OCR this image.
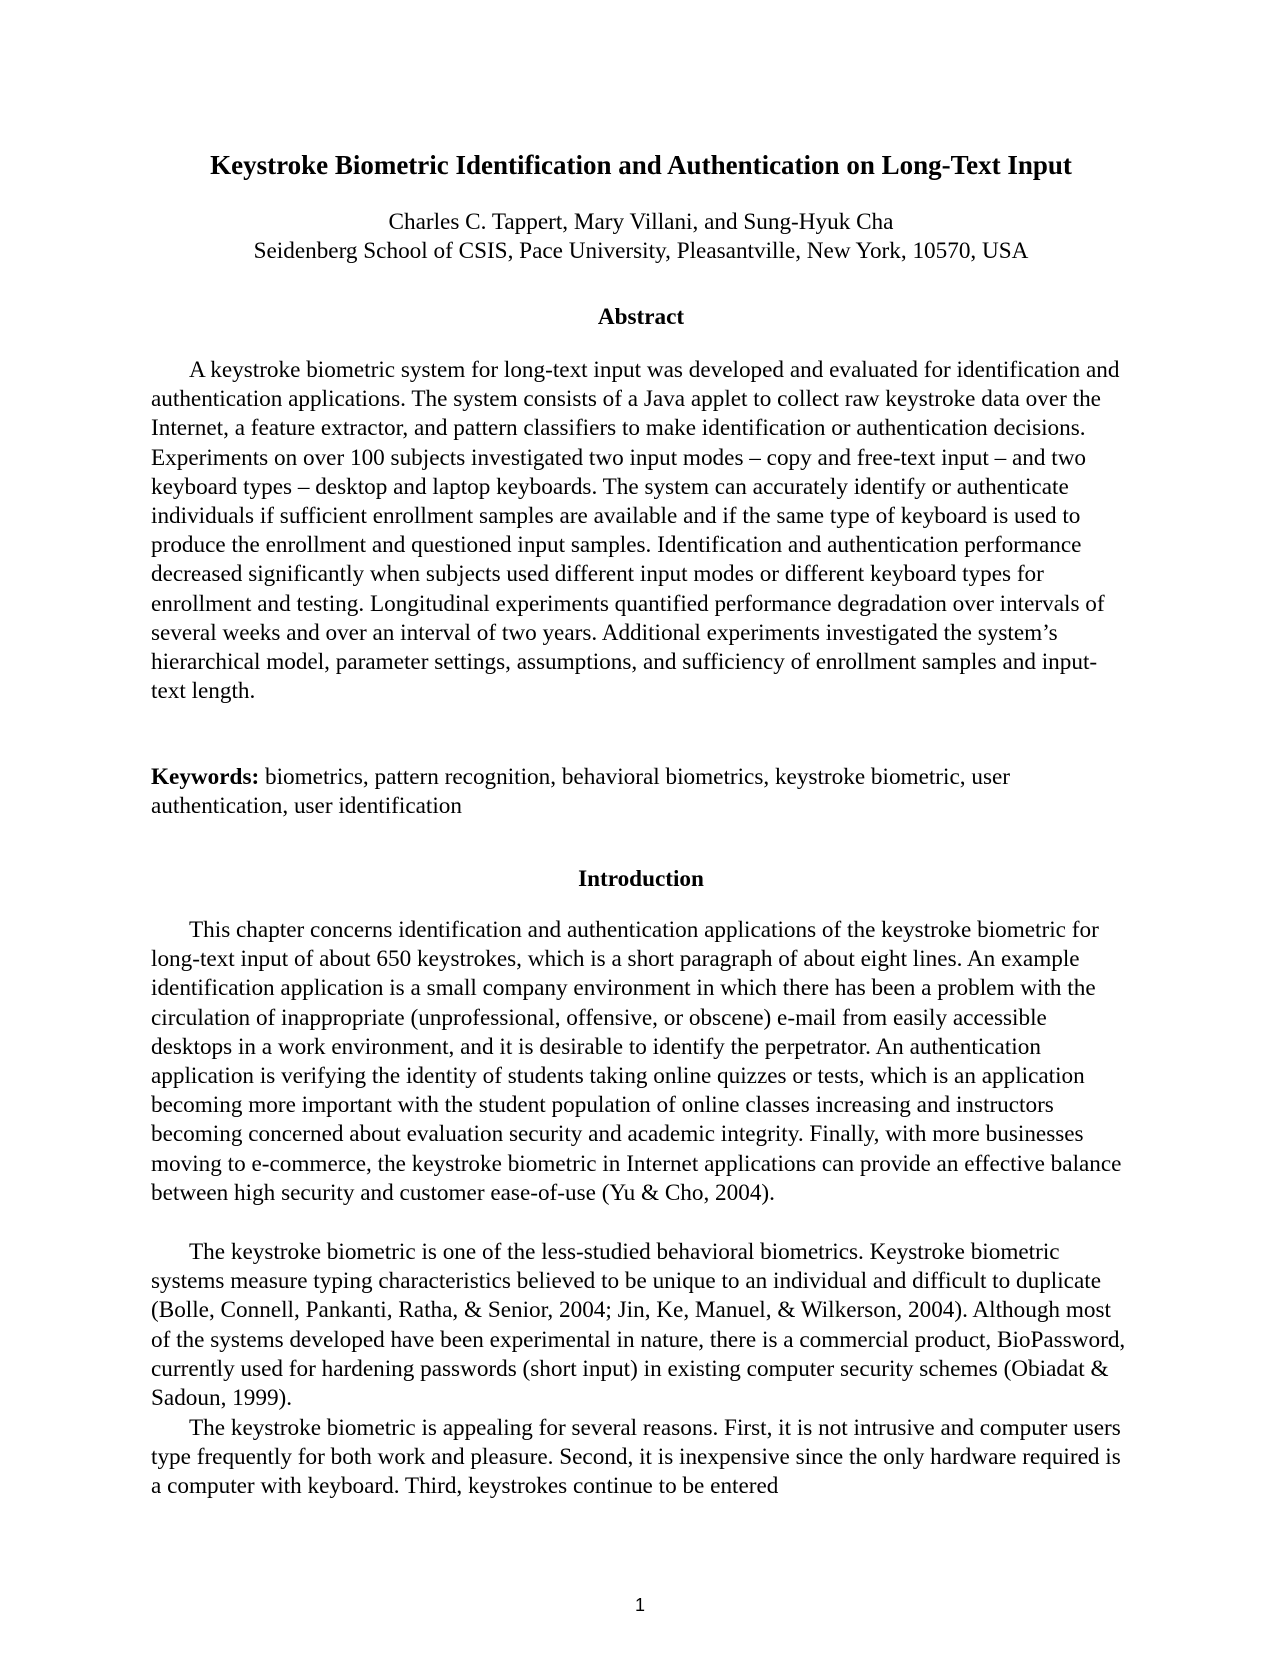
Keystroke Biometric Identification and Authentication on Long-Text Input
Charles C. Tappert, Mary Villani, and Sung-Hyuk Cha
Seidenberg School of CSIS, Pace University, Pleasantville, New York, 10570, USA
Abstract

A keystroke biometric system for long-text input was developed and evaluated for identification and authentication applications. The system consists of a Java applet to collect raw keystroke data over the Internet, a feature extractor, and pattern classifiers to make identification or authentication decisions. Experiments on over 100 subjects investigated two input modes – copy and free-text input – and two keyboard types – desktop and laptop keyboards. The system can accurately identify or authenticate individuals if sufficient enrollment samples are available and if the same type of keyboard is used to produce the enrollment and questioned input samples. Identification and authentication performance decreased significantly when subjects used different input modes or different keyboard types for enrollment and testing. Longitudinal experiments quantified performance degradation over intervals of several weeks and over an interval of two years. Additional experiments investigated the system’s hierarchical model, parameter settings, assumptions, and sufficiency of enrollment samples and input-text length.

Keywords: biometrics, pattern recognition, behavioral biometrics, keystroke biometric, user authentication, user identification

Introduction

This chapter concerns identification and authentication applications of the keystroke biometric for long-text input of about 650 keystrokes, which is a short paragraph of about eight lines. An example identification application is a small company environment in which there has been a problem with the circulation of inappropriate (unprofessional, offensive, or obscene) e-mail from easily accessible desktops in a work environment, and it is desirable to identify the perpetrator. An authentication application is verifying the identity of students taking online quizzes or tests, which is an application becoming more important with the student population of online classes increasing and instructors becoming concerned about evaluation security and academic integrity. Finally, with more businesses moving to e-commerce, the keystroke biometric in Internet applications can provide an effective balance between high security and customer ease-of-use (Yu & Cho, 2004).

The keystroke biometric is one of the less-studied behavioral biometrics. Keystroke biometric systems measure typing characteristics believed to be unique to an individual and difficult to duplicate (Bolle, Connell, Pankanti, Ratha, & Senior, 2004; Jin, Ke, Manuel, & Wilkerson, 2004). Although most of the systems developed have been experimental in nature, there is a commercial product, BioPassword, currently used for hardening passwords (short input) in existing computer security schemes (Obiadat & Sadoun, 1999).

The keystroke biometric is appealing for several reasons. First, it is not intrusive and computer users type frequently for both work and pleasure. Second, it is inexpensive since the only hardware required is a computer with keyboard. Third, keystrokes continue to be entered

1
